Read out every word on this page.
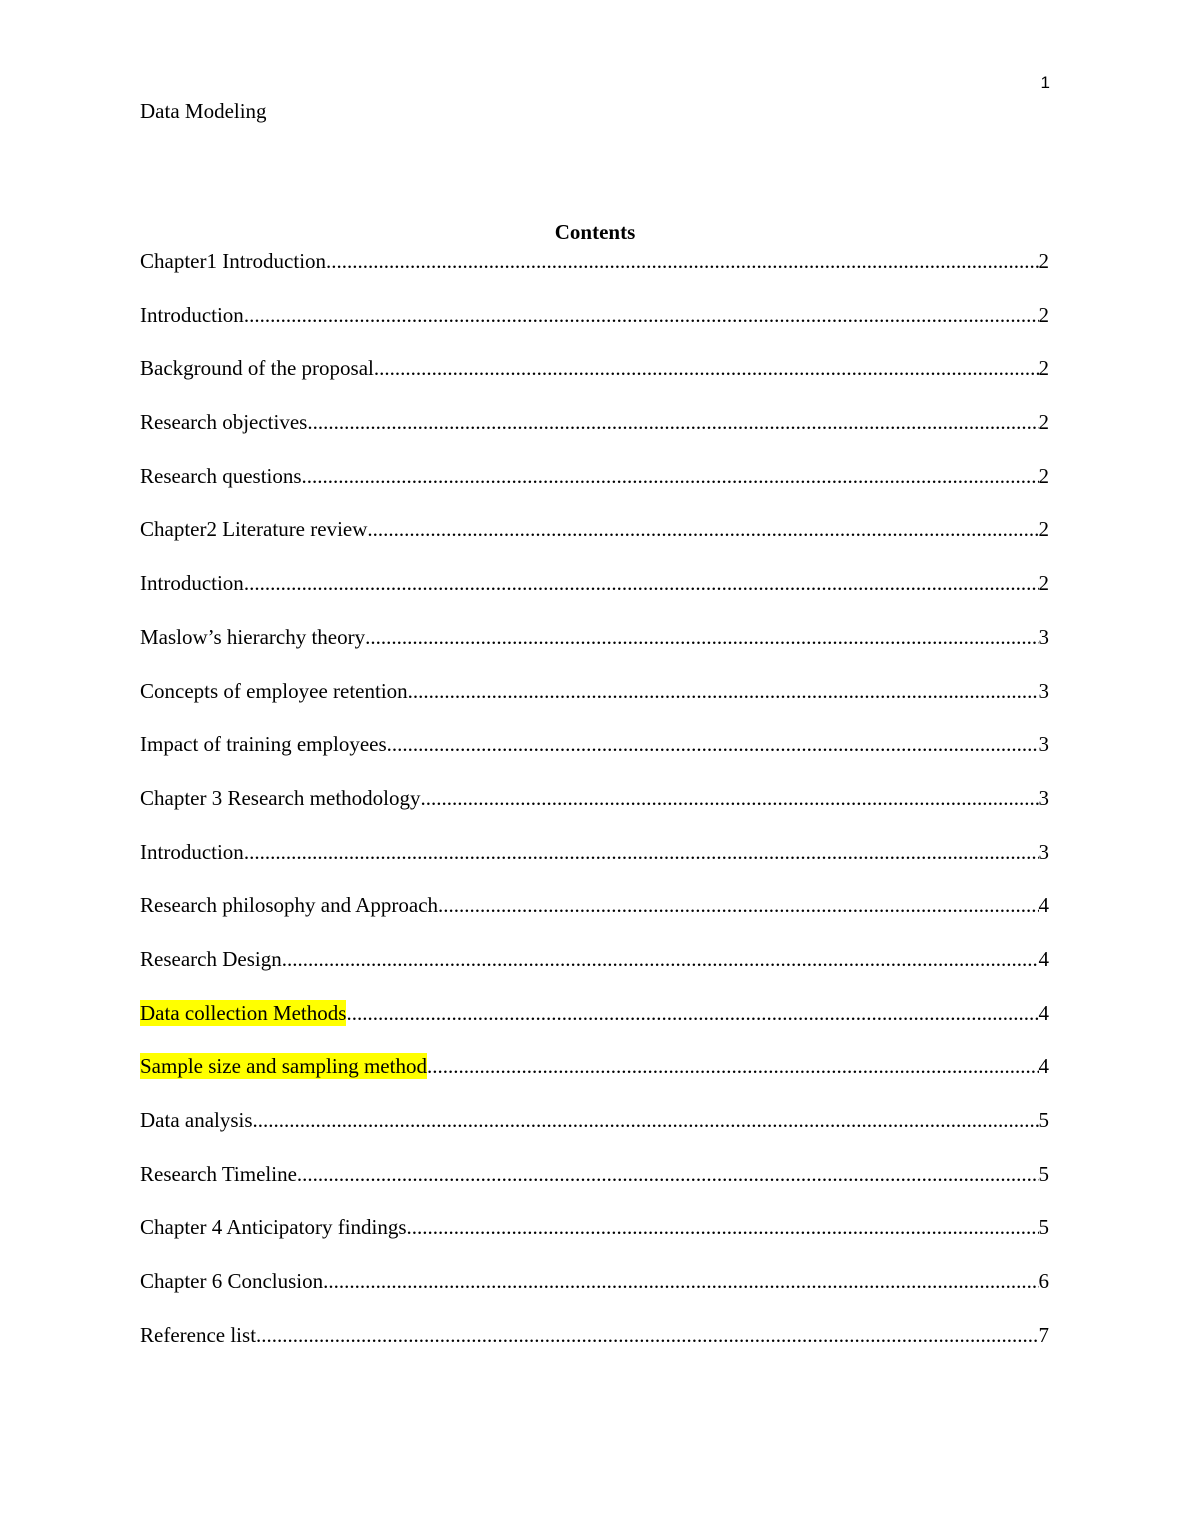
1
Data Modeling
Contents
Chapter1 Introduction .....	2
Introduction .....	2
Background of the proposal .....	2
Research objectives .....	2
Research questions .....	2
Chapter2 Literature review .....	2
Introduction .....	2
Maslow’s hierarchy theory .....	3
Concepts of employee retention .....	3
Impact of training employees .....	3
Chapter 3 Research methodology .....	3
Introduction .....	3
Research philosophy and Approach .....	4
Research Design .....	4
Data collection Methods .....	4
Sample size and sampling method .....	4
Data analysis .....	5
Research Timeline .....	5
Chapter 4 Anticipatory findings .....	5
Chapter 6 Conclusion .....	6
Reference list .....	7
